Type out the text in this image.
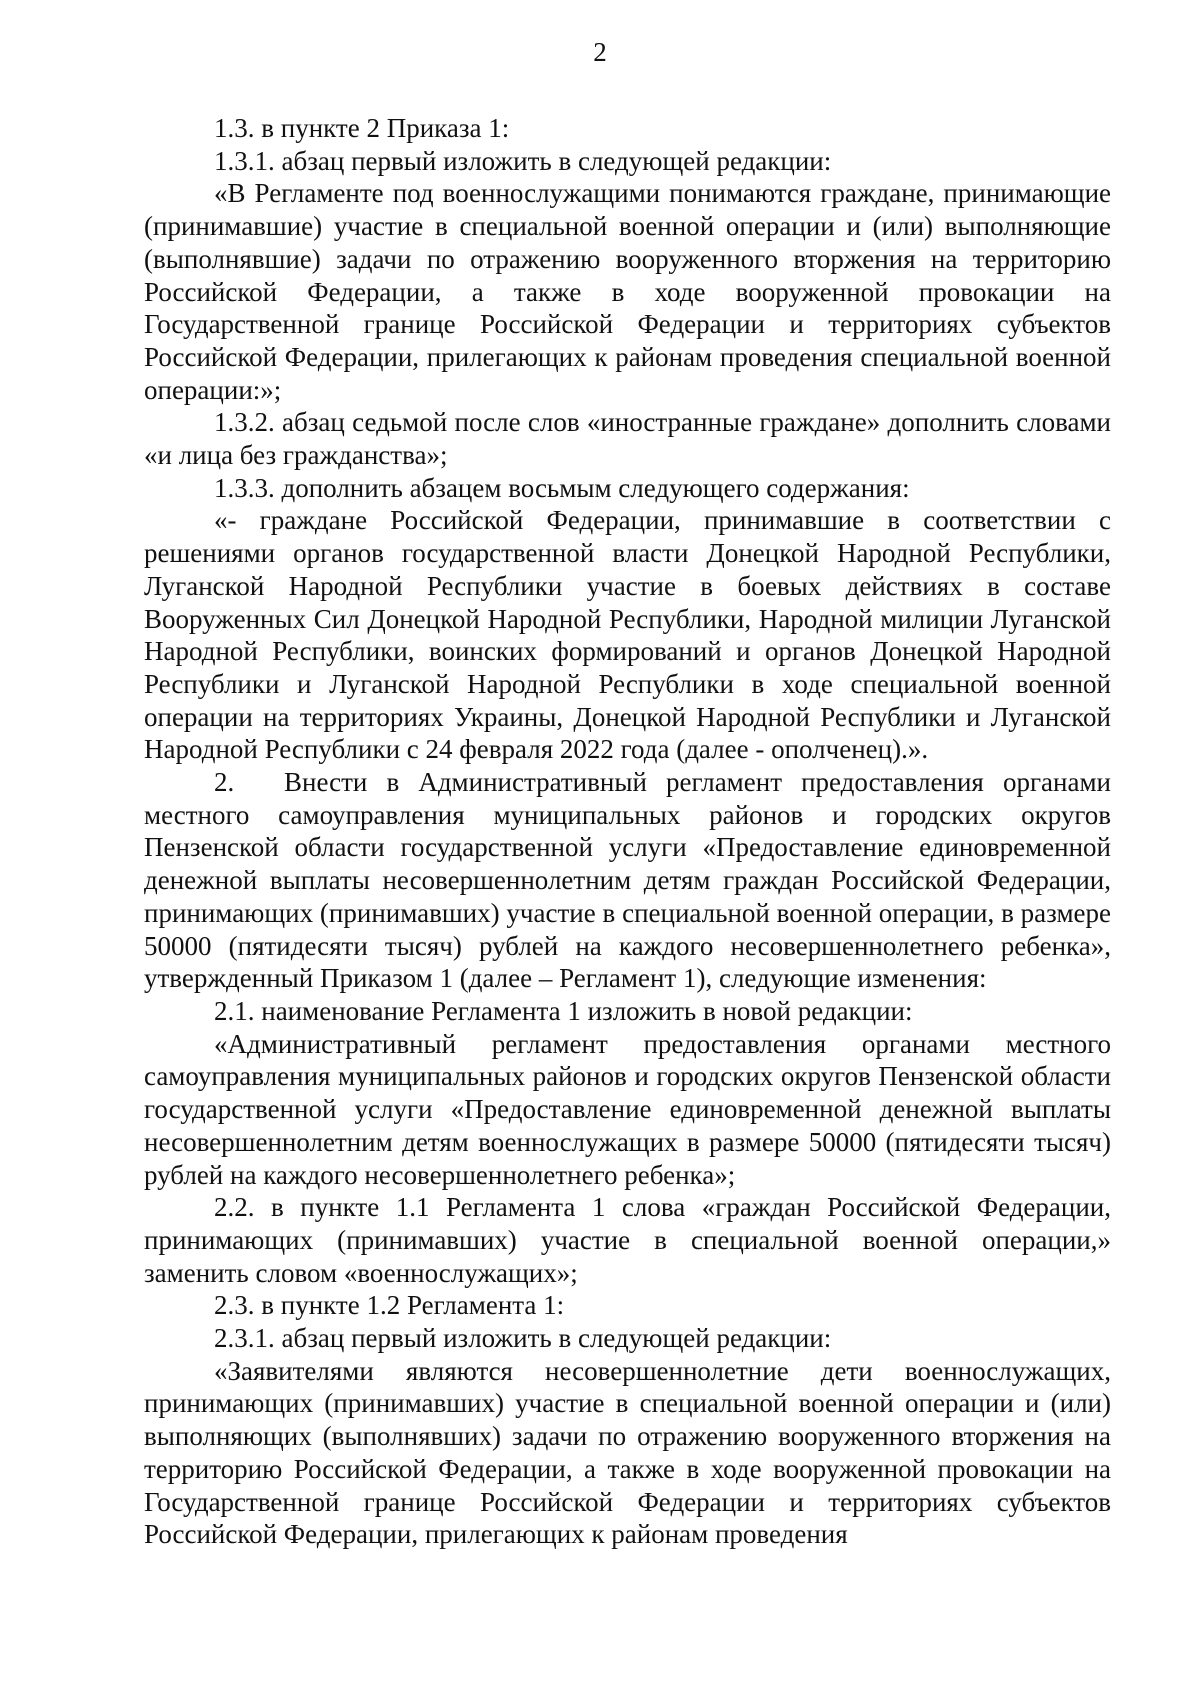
2

1.3. в пункте 2 Приказа 1:

1.3.1. абзац первый изложить в следующей редакции:

«В Регламенте под военнослужащими понимаются граждане, принимающие (принимавшие) участие в специальной военной операции и (или) выполняющие (выполнявшие) задачи по отражению вооруженного вторжения на территорию Российской Федерации, а также в ходе вооруженной провокации на Государственной границе Российской Федерации и территориях субъектов Российской Федерации, прилегающих к районам проведения специальной военной операции:»;

1.3.2. абзац седьмой после слов «иностранные граждане» дополнить словами «и лица без гражданства»;

1.3.3. дополнить абзацем восьмым следующего содержания:

«- граждане Российской Федерации, принимавшие в соответствии с решениями органов государственной власти Донецкой Народной Республики, Луганской Народной Республики участие в боевых действиях в составе Вооруженных Сил Донецкой Народной Республики, Народной милиции Луганской Народной Республики, воинских формирований и органов Донецкой Народной Республики и Луганской Народной Республики в ходе специальной военной операции на территориях Украины, Донецкой Народной Республики и Луганской Народной Республики с 24 февраля 2022 года (далее - ополченец).».

2. Внести в Административный регламент предоставления органами местного самоуправления муниципальных районов и городских округов Пензенской области государственной услуги «Предоставление единовременной денежной выплаты несовершеннолетним детям граждан Российской Федерации, принимающих (принимавших) участие в специальной военной операции, в размере 50000 (пятидесяти тысяч) рублей на каждого несовершеннолетнего ребенка», утвержденный Приказом 1 (далее – Регламент 1), следующие изменения:

2.1. наименование Регламента 1 изложить в новой редакции:

«Административный регламент предоставления органами местного самоуправления муниципальных районов и городских округов Пензенской области государственной услуги «Предоставление единовременной денежной выплаты несовершеннолетним детям военнослужащих в размере 50000 (пятидесяти тысяч) рублей на каждого несовершеннолетнего ребенка»;

2.2. в пункте 1.1 Регламента 1 слова «граждан Российской Федерации, принимающих (принимавших) участие в специальной военной операции,» заменить словом «военнослужащих»;

2.3. в пункте 1.2 Регламента 1:

2.3.1. абзац первый изложить в следующей редакции:

«Заявителями являются несовершеннолетние дети военнослужащих, принимающих (принимавших) участие в специальной военной операции и (или) выполняющих (выполнявших) задачи по отражению вооруженного вторжения на территорию Российской Федерации, а также в ходе вооруженной провокации на Государственной границе Российской Федерации и территориях субъектов Российской Федерации, прилегающих к районам проведения
